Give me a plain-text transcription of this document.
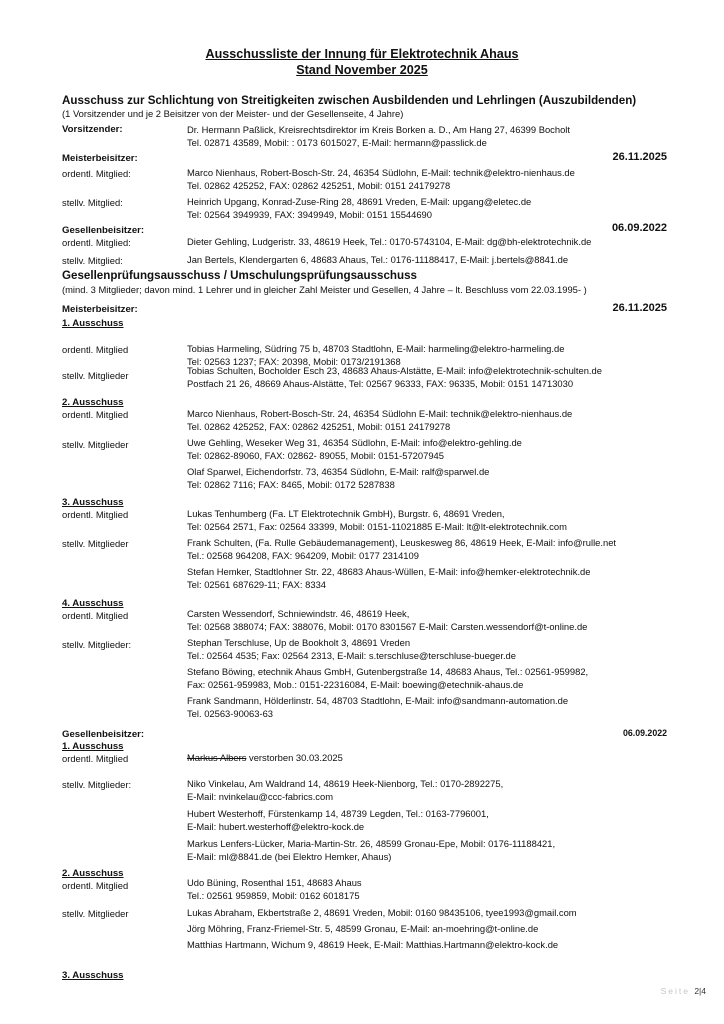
Ausschussliste der Innung für Elektrotechnik Ahaus
Stand November 2025
Ausschuss zur Schlichtung von Streitigkeiten zwischen Ausbildenden und Lehrlingen (Auszubildenden)
(1 Vorsitzender und je 2 Beisitzer von der Meister- und der Gesellenseite, 4 Jahre)
Vorsitzender:	Dr. Hermann Paßlick, Kreisrechtsdirektor im Kreis Borken a. D., Am Hang 27, 46399 Bocholt
Tel. 02871 43589, Mobil: : 0173 6015027, E-Mail: hermann@passlick.de
Meisterbeisitzer:	26.11.2025
ordentl. Mitglied:	Marco Nienhaus, Robert-Bosch-Str. 24, 46354 Südlohn, E-Mail: technik@elektro-nienhaus.de
Tel. 02862 425252, FAX: 02862 425251, Mobil: 0151 24179278
stellv. Mitglied:	Heinrich Upgang, Konrad-Zuse-Ring 28, 48691 Vreden, E-Mail: upgang@eletec.de
Tel: 02564 3949939, FAX: 3949949, Mobil: 0151 15544690
Gesellenbeisitzer:	06.09.2022
ordentl. Mitglied:	Dieter Gehling, Ludgeristr. 33, 48619 Heek, Tel.: 0170-5743104, E-Mail: dg@bh-elektrotechnik.de
stellv. Mitglied:	Jan Bertels, Klendergarten 6, 48683 Ahaus, Tel.: 0176-11188417, E-Mail: j.bertels@8841.de
Gesellenprüfungsausschuss / Umschulungsprüfungsausschuss
(mind. 3 Mitglieder; davon mind. 1 Lehrer und in gleicher Zahl Meister und Gesellen, 4 Jahre – lt. Beschluss vom 22.03.1995- )
Meisterbeisitzer:	26.11.2025
1. Ausschuss
ordentl. Mitglied	Tobias Harmeling, Südring 75 b, 48703 Stadtlohn, E-Mail: harmeling@elektro-harmeling.de
Tel: 02563 1237; FAX: 20398, Mobil: 0173/2191368
stellv. Mitglieder	Tobias Schulten, Bocholder Esch 23, 48683 Ahaus-Alstätte, E-Mail: info@elektrotechnik-schulten.de
Postfach 21 26, 48669 Ahaus-Alstätte, Tel: 02567 96333, FAX: 96335, Mobil: 0151 14713030
2. Ausschuss
ordentl. Mitglied	Marco Nienhaus, Robert-Bosch-Str. 24, 46354 Südlohn E-Mail: technik@elektro-nienhaus.de
Tel. 02862 425252, FAX: 02862 425251, Mobil: 0151 24179278
stellv. Mitglieder	Uwe Gehling, Weseker Weg 31, 46354 Südlohn, E-Mail: info@elektro-gehling.de
Tel: 02862-89060, FAX: 02862- 89055, Mobil: 0151-57207945
Olaf Sparwel, Eichendorfstr. 73, 46354 Südlohn, E-Mail: ralf@sparwel.de
Tel: 02862 7116; FAX: 8465, Mobil: 0172 5287838
3. Ausschuss
ordentl. Mitglied	Lukas Tenhumberg (Fa. LT Elektrotechnik GmbH), Burgstr. 6, 48691 Vreden,
Tel: 02564 2571, Fax: 02564 33399, Mobil: 0151-11021885 E-Mail: lt@lt-elektrotechnik.com
stellv. Mitglieder	Frank Schulten, (Fa. Rulle Gebäudemanagement), Leuskesweg 86, 48619 Heek, E-Mail: info@rulle.net
Tel.: 02568 964208, FAX: 964209, Mobil: 0177 2314109
Stefan Hemker, Stadtlohner Str. 22, 48683 Ahaus-Wüllen, E-Mail: info@hemker-elektrotechnik.de
Tel: 02561 687629-11; FAX: 8334
4. Ausschuss
ordentl. Mitglied	Carsten Wessendorf, Schniewindstr. 46, 48619 Heek,
Tel: 02568 388074; FAX: 388076, Mobil: 0170 8301567 E-Mail: Carsten.wessendorf@t-online.de
stellv. Mitglieder:	Stephan Terschluse, Up de Bookholt 3, 48691 Vreden
Tel.: 02564 4535; Fax: 02564 2313, E-Mail: s.terschluse@terschluse-bueger.de
Stefano Böwing, etechnik Ahaus GmbH, Gutenbergstraße 14, 48683 Ahaus, Tel.: 02561-959982,
Fax: 02561-959983, Mob.: 0151-22316084, E-Mail: boewing@etechnik-ahaus.de
Frank Sandmann, Hölderlinstr. 54, 48703 Stadtlohn, E-Mail: info@sandmann-automation.de
Tel. 02563-90063-63
Gesellenbeisitzer:	06.09.2022
1. Ausschuss
ordentl. Mitglied	Markus Albers verstorben 30.03.2025
stellv. Mitglieder:	Niko Vinkelau, Am Waldrand 14, 48619 Heek-Nienborg, Tel.: 0170-2892275,
E-Mail: nvinkelau@ccc-fabrics.com
Hubert Westerhoff, Fürstenkamp 14, 48739 Legden, Tel.: 0163-7796001,
E-Mail: hubert.westerhoff@elektro-kock.de
Markus Lenfers-Lücker, Maria-Martin-Str. 26, 48599 Gronau-Epe, Mobil: 0176-11188421,
E-Mail: ml@8841.de (bei Elektro Hemker, Ahaus)
2. Ausschuss
ordentl. Mitglied	Udo Büning, Rosenthal 151, 48683 Ahaus
Tel.: 02561 959859, Mobil: 0162 6018175
stellv. Mitglieder	Lukas Abraham, Ekbertstraße 2, 48691 Vreden, Mobil: 0160 98435106, tyee1993@gmail.com
Jörg Möhring, Franz-Friemel-Str. 5, 48599 Gronau, E-Mail: an-moehring@t-online.de
Matthias Hartmann, Wichum 9, 48619 Heek, E-Mail: Matthias.Hartmann@elektro-kock.de
3. Ausschuss
Seite 2|4
